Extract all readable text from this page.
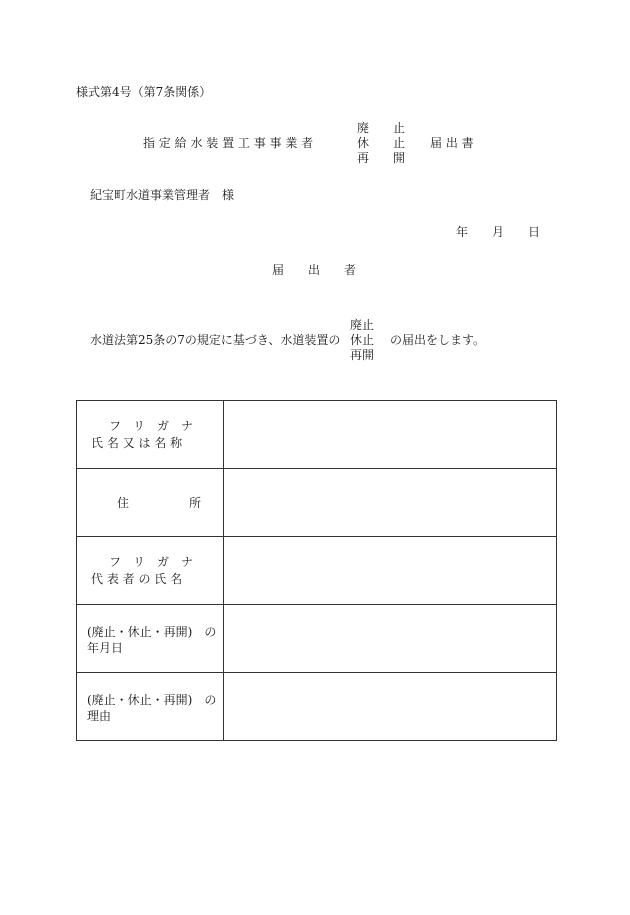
様式第4号（第7条関係）
指 定 給 水 装 置 工 事 事 業 者
廃　　止
休　　止
再　　開
届 出 書
紀宝町水道事業管理者　様
年 月 日
届　　出　　者
水道法第25条の7の規定に基づき、水道装置の
廃止
休止
再開
の届出をします。
フ　リ　ガ　ナ
氏 名 又 は 名 称	

住　　　　　所	

フ　リ　ガ　ナ
代 表 者 の 氏 名	

(廃止・休止・再開)　の
年月日	

(廃止・休止・再開)　の
理由	
